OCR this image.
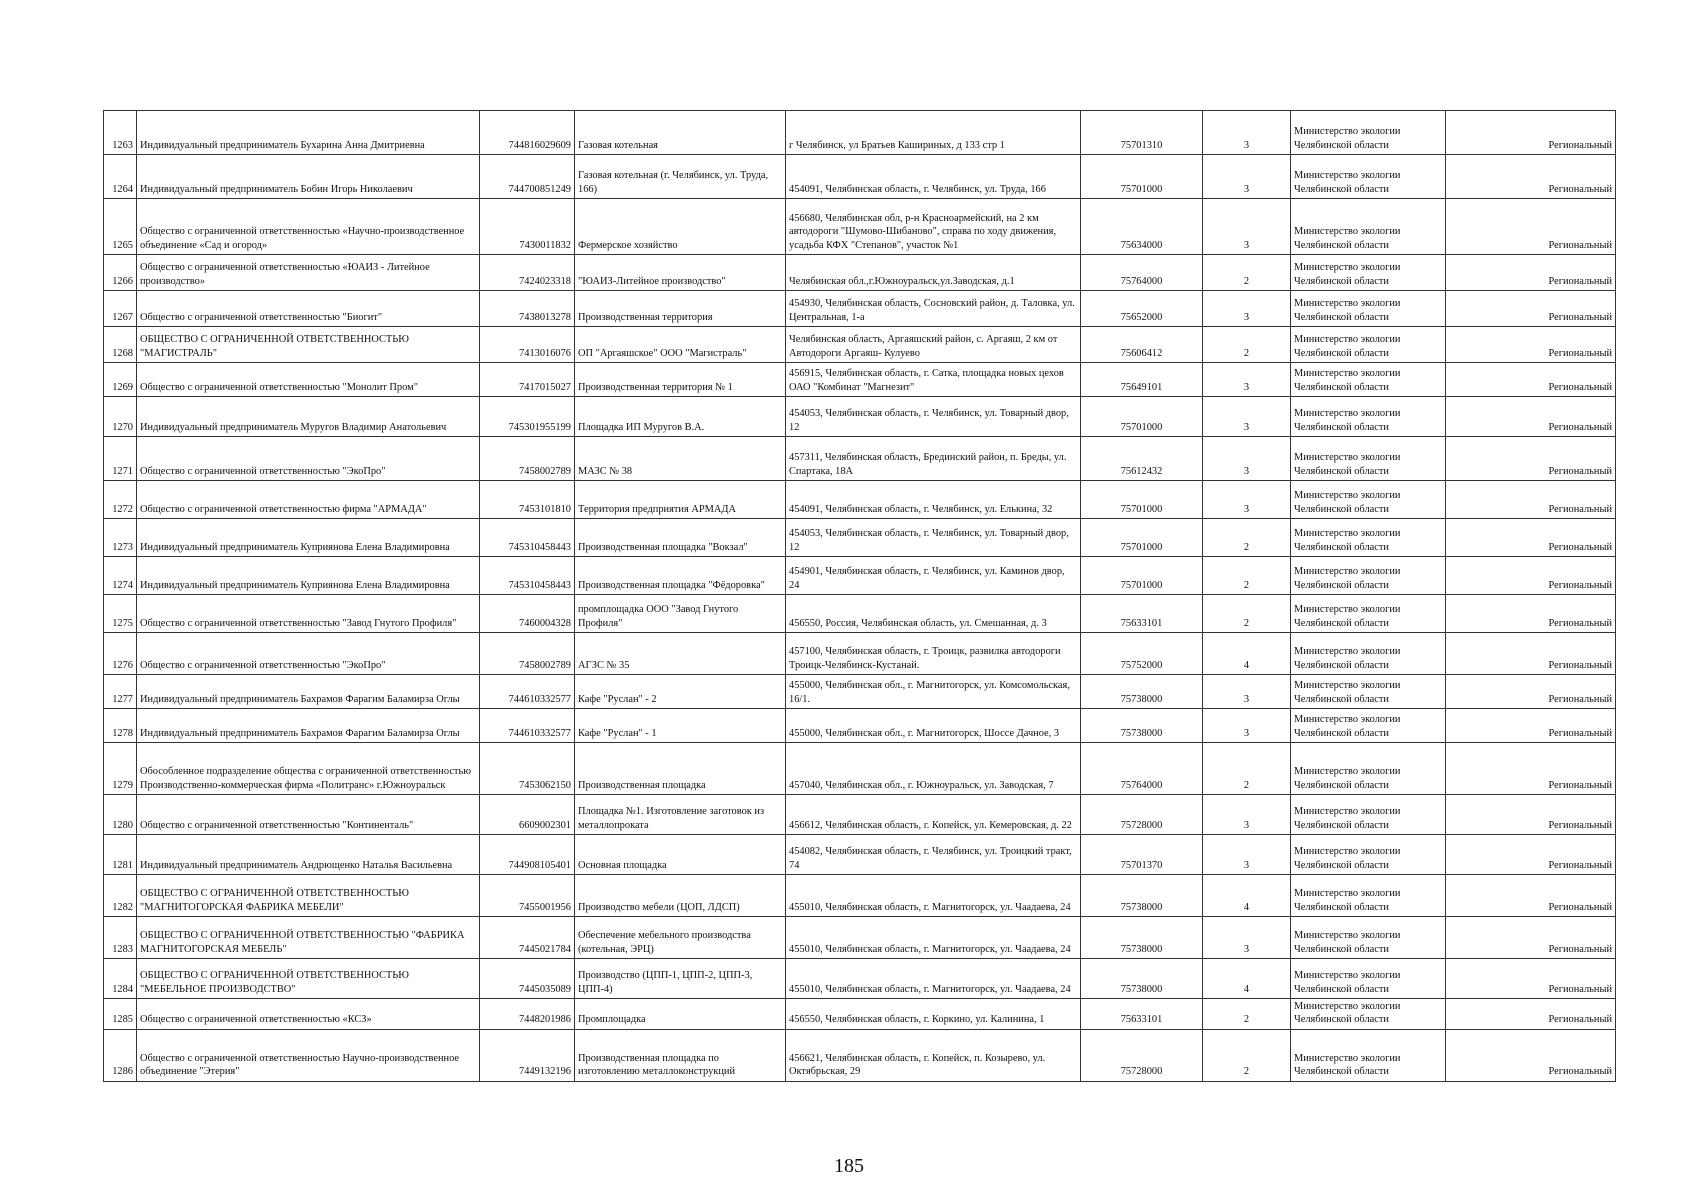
1263	Индивидуальный предприниматель Бухарина Анна Дмитриевна	744816029609	Газовая котельная	г Челябинск, ул Братьев Кашириных, д 133 стр 1	75701310	3	Министерство экологии Челябинской области	Региональный
1264	Индивидуальный предприниматель Бобин Игорь Николаевич	744700851249	Газовая котельная (г. Челябинск, ул. Труда, 166)	454091, Челябинская область, г. Челябинск, ул. Труда, 166	75701000	3	Министерство экологии Челябинской области	Региональный
1265	Общество с ограниченной ответственностью «Научно-производственное объединение «Сад и огород»	7430011832	Фермерское хозяйство	456680, Челябинская обл, р-н Красноармейский, на 2 км автодороги "Шумово-Шибаново", справа по ходу движения, усадьба КФХ "Степанов", участок №1	75634000	3	Министерство экологии Челябинской области	Региональный
1266	Общество с ограниченной ответственностью «ЮАИЗ - Литейное производство»	7424023318	"ЮАИЗ-Литейное производство"	Челябинская обл.,г.Южноуральск,ул.Заводская, д.1	75764000	2	Министерство экологии Челябинской области	Региональный
1267	Общество с ограниченной ответственностью "Биогит"	7438013278	Производственная территория	454930, Челябинская область, Сосновский район, д. Таловка, ул. Центральная, 1-а	75652000	3	Министерство экологии Челябинской области	Региональный
1268	ОБЩЕСТВО С ОГРАНИЧЕННОЙ ОТВЕТСТВЕННОСТЬЮ "МАГИСТРАЛЬ"	7413016076	ОП "Аргаяшское" ООО "Магистраль"	Челябинская область, Аргаяшский район, с. Аргаяш, 2 км от Автодороги Аргаяш- Кулуево	75606412	2	Министерство экологии Челябинской области	Региональный
1269	Общество с ограниченной ответственностью "Монолит Пром"	7417015027	Производственная территория № 1	456915, Челябинская область, г. Сатка, площадка новых цехов ОАО "Комбинат "Магнезит"	75649101	3	Министерство экологии Челябинской области	Региональный
1270	Индивидуальный предприниматель Муругов Владимир Анатольевич	745301955199	Площадка ИП Муругов В.А.	454053, Челябинская область, г. Челябинск, ул. Товарный двор, 12	75701000	3	Министерство экологии Челябинской области	Региональный
1271	Общество с ограниченной ответственностью "ЭкоПро"	7458002789	МАЗС № 38	457311, Челябинская область, Брединский район, п. Бреды, ул. Спартака, 18А	75612432	3	Министерство экологии Челябинской области	Региональный
1272	Общество с ограниченной ответственностью фирма "АРМАДА"	7453101810	Территория предприятия АРМАДА	454091, Челябинская область, г. Челябинск, ул. Елькина, 32	75701000	3	Министерство экологии Челябинской области	Региональный
1273	Индивидуальный предприниматель Куприянова Елена Владимировна	745310458443	Производственная площадка "Вокзал"	454053, Челябинская область, г. Челябинск, ул. Товарный двор, 12	75701000	2	Министерство экологии Челябинской области	Региональный
1274	Индивидуальный предприниматель Куприянова Елена Владимировна	745310458443	Производственная площадка "Фёдоровка"	454901, Челябинская область, г. Челябинск, ул. Каминов двор, 24	75701000	2	Министерство экологии Челябинской области	Региональный
1275	Общество с ограниченной ответственностью "Завод Гнутого Профиля"	7460004328	промплощадка ООО "Завод Гнутого Профиля"	456550, Россия, Челябинская область, ул. Смешанная, д. 3	75633101	2	Министерство экологии Челябинской области	Региональный
1276	Общество с ограниченной ответственностью "ЭкоПро"	7458002789	АГЗС № 35	457100, Челябинская область, г. Троицк, развилка автодороги Троицк-Челябинск-Кустанай.	75752000	4	Министерство экологии Челябинской области	Региональный
1277	Индивидуальный предприниматель Бахрамов Фарагим Баламирза Оглы	744610332577	Кафе "Руслан" - 2	455000, Челябинская обл., г. Магнитогорск, ул. Комсомольская, 16/1.	75738000	3	Министерство экологии Челябинской области	Региональный
1278	Индивидуальный предприниматель Бахрамов Фарагим Баламирза Оглы	744610332577	Кафе "Руслан" - 1	455000, Челябинская обл., г. Магнитогорск, Шоссе Дачное, 3	75738000	3	Министерство экологии Челябинской области	Региональный
1279	Обособленное подразделение общества с ограниченной ответственностью Производственно-коммерческая фирма «Политранс» г.Южноуральск	7453062150	Производственная площадка	457040, Челябинская обл., г. Южноуральск, ул. Заводская, 7	75764000	2	Министерство экологии Челябинской области	Региональный
1280	Общество с ограниченной ответственностью "Континенталь"	6609002301	Площадка №1. Изготовление заготовок из металлопроката	456612, Челябинская область, г. Копейск, ул. Кемеровская, д. 22	75728000	3	Министерство экологии Челябинской области	Региональный
1281	Индивидуальный предприниматель Андрющенко Наталья Васильевна	744908105401	Основная площадка	454082, Челябинская область, г. Челябинск, ул. Троицкий тракт, 74	75701370	3	Министерство экологии Челябинской области	Региональный
1282	ОБЩЕСТВО С ОГРАНИЧЕННОЙ ОТВЕТСТВЕННОСТЬЮ "МАГНИТОГОРСКАЯ ФАБРИКА МЕБЕЛИ"	7455001956	Производство мебели (ЦОП, ЛДСП)	455010, Челябинская область, г. Магнитогорск, ул. Чаадаева, 24	75738000	4	Министерство экологии Челябинской области	Региональный
1283	ОБЩЕСТВО С ОГРАНИЧЕННОЙ ОТВЕТСТВЕННОСТЬЮ "ФАБРИКА МАГНИТОГОРСКАЯ МЕБЕЛЬ"	7445021784	Обеспечение мебельного производства (котельная, ЭРЦ)	455010, Челябинская область, г. Магнитогорск, ул. Чаадаева, 24	75738000	3	Министерство экологии Челябинской области	Региональный
1284	ОБЩЕСТВО С ОГРАНИЧЕННОЙ ОТВЕТСТВЕННОСТЬЮ "МЕБЕЛЬНОЕ ПРОИЗВОДСТВО"	7445035089	Производство (ЦПП-1, ЦПП-2, ЦПП-3, ЦПП-4)	455010, Челябинская область, г. Магнитогорск, ул. Чаадаева, 24	75738000	4	Министерство экологии Челябинской области	Региональный
1285	Общество с ограниченной ответственностью «КСЗ»	7448201986	Промплощадка	456550, Челябинская область, г. Коркино, ул. Калинина, 1	75633101	2	Министерство экологии Челябинской области	Региональный
1286	Общество с ограниченной ответственностью Научно-производственное объединение "Этерия"	7449132196	Производственная площадка по изготовлению металлоконструкций	456621, Челябинская область, г. Копейск, п. Козырево, ул. Октябрьская, 29	75728000	2	Министерство экологии Челябинской области	Региональный
185
